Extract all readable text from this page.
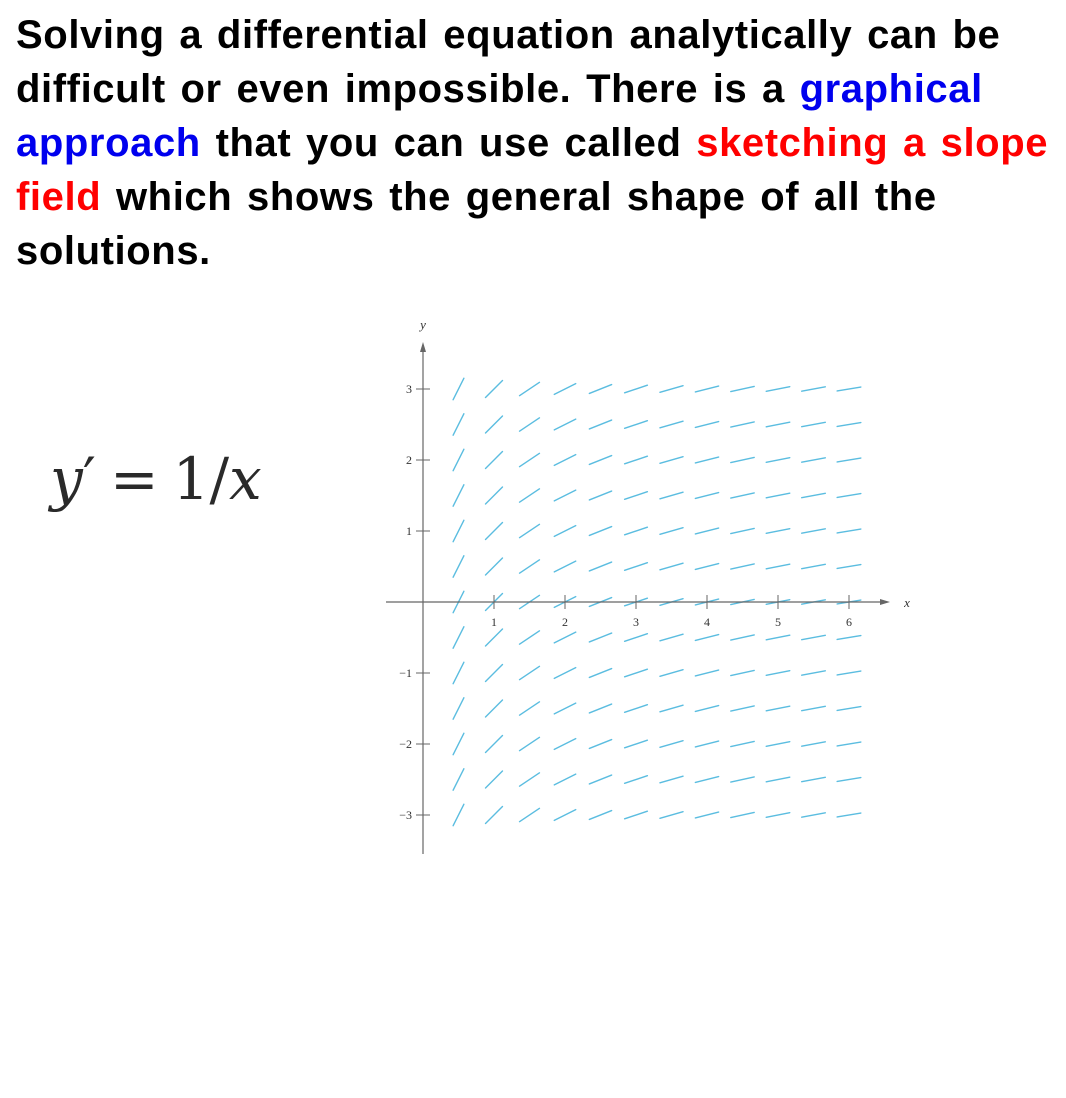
Solving a differential equation analytically can be difficult or even impossible. There is a graphical approach that you can use called sketching a slope field which shows the general shape of all the solutions.

y′ = 1/x
1	2	3	4	5	6
−3
−2
−1
1
2
3
x
y
